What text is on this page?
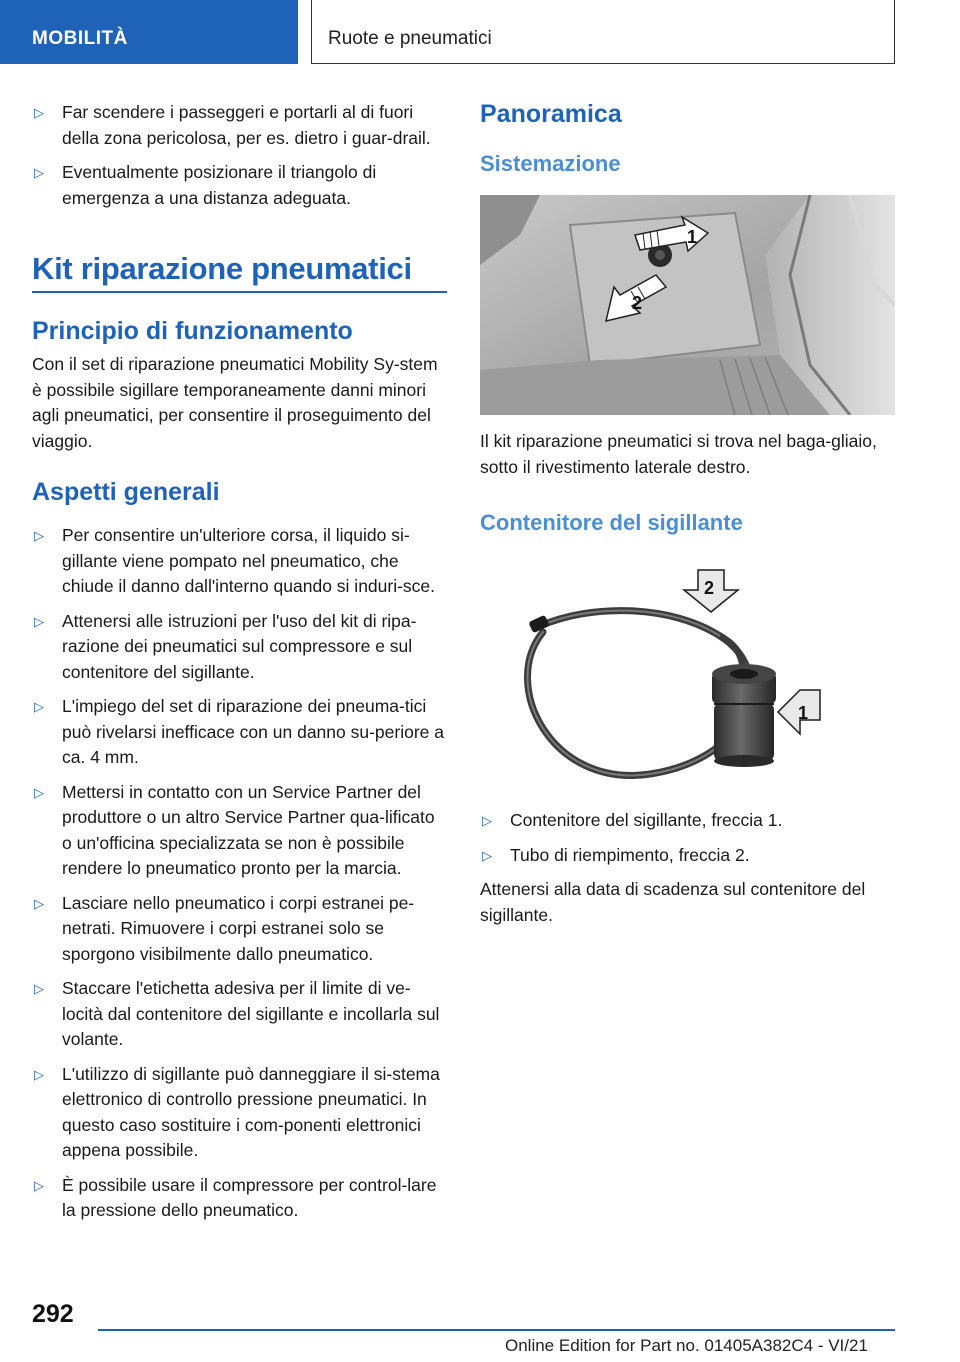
MOBILITÀ	Ruote e pneumatici
▷ Far scendere i passeggeri e portarli al di fuori della zona pericolosa, per es. dietro i guar-drail.
▷ Eventualmente posizionare il triangolo di emergenza a una distanza adeguata.
Kit riparazione pneumatici
Principio di funzionamento
Con il set di riparazione pneumatici Mobility Sy-stem è possibile sigillare temporaneamente danni minori agli pneumatici, per consentire il proseguimento del viaggio.
Aspetti generali
▷ Per consentire un'ulteriore corsa, il liquido si-gillante viene pompato nel pneumatico, che chiude il danno dall'interno quando si induri-sce.
▷ Attenersi alle istruzioni per l'uso del kit di ripa-razione dei pneumatici sul compressore e sul contenitore del sigillante.
▷ L'impiego del set di riparazione dei pneuma-tici può rivelarsi inefficace con un danno su-periore a ca. 4 mm.
▷ Mettersi in contatto con un Service Partner del produttore o un altro Service Partner qua-lificato o un'officina specializzata se non è possibile rendere lo pneumatico pronto per la marcia.
▷ Lasciare nello pneumatico i corpi estranei pe-netrati. Rimuovere i corpi estranei solo se sporgono visibilmente dallo pneumatico.
▷ Staccare l'etichetta adesiva per il limite di ve-locità dal contenitore del sigillante e incollarla sul volante.
▷ L'utilizzo di sigillante può danneggiare il si-stema elettronico di controllo pressione pneumatici. In questo caso sostituire i com-ponenti elettronici appena possibile.
▷ È possibile usare il compressore per control-lare la pressione dello pneumatico.
Panoramica
Sistemazione
1
2
Il kit riparazione pneumatici si trova nel baga-gliaio, sotto il rivestimento laterale destro.
Contenitore del sigillante
2
1
▷ Contenitore del sigillante, freccia 1.
▷ Tubo di riempimento, freccia 2.
Attenersi alla data di scadenza sul contenitore del sigillante.
292
Online Edition for Part no. 01405A382C4 - VI/21
